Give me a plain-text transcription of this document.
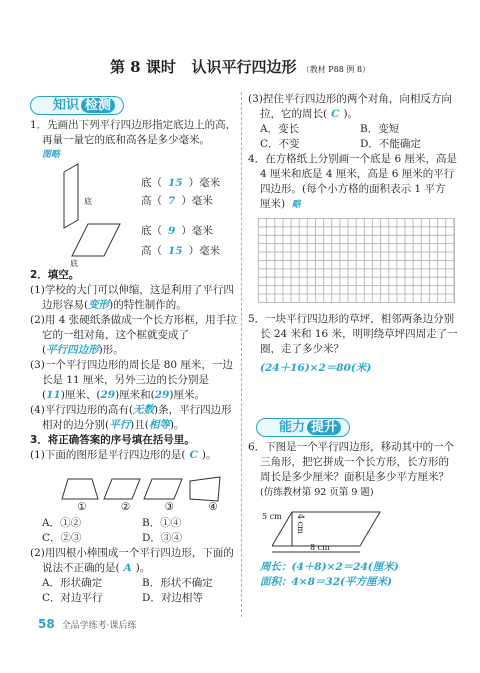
第 8 课时 认识平行四边形 （教材 P88 例 8）
知识 检测
1．先画出下列平行四边形指定底边上的高，
再量一量它的底和高各是多少毫米。
图略
底
底
底（ 15 ）毫米
高（ 7 ）毫米
底（ 9 ）毫米
高（ 15 ）毫米
2．填空。
(1)学校的大门可以伸缩，这是利用了平行四
边形容易(变形)的特性制作的。
(2)用 4 张硬纸条做成一个长方形框，用手拉
它的一组对角，这个框就变成了
(平行四边形)形。
(3)一个平行四边形的周长是 80 厘米，一边
长是 11 厘米，另外三边的长分别是
(11)厘米、(29)厘米和(29)厘米。
(4)平行四边形的高有(无数)条，平行四边形
相对的边分别(平行)且(相等)。
3．将正确答案的序号填在括号里。
(1)下面的图形是平行四边形的是( C )。
①	②	③	④
A．①②	B．①④
C．②③	D．③④
(2)用四根小棒围成一个平行四边形，下面的
说法不正确的是( A )。
A．形状确定	B．形状不确定
C．对边平行	D．对边相等
(3)捏住平行四边形的两个对角，向相反方向
拉，它的周长( C )。
A．变长	B．变短
C．不变	D．不能确定
4．在方格纸上分别画一个底是 6 厘米，高是
4 厘米和底是 4 厘米，高是 6 厘米的平行
四边形。(每个小方格的面积表示 1 平方
厘米) 略
5．一块平行四边形的草坪，相邻两条边分别
长 24 米和 16 米，明明绕草坪四周走了一
圈，走了多少米？
(24＋16)×2＝80(米)
能力 提升
6．下图是一个平行四边形，移动其中的一个
三角形，把它拼成一个长方形，长方形的
周长是多少厘米？面积是多少平方厘米？
(仿练教材第 92 页第 9 题)
5 cm 4 cm
8 cm
周长：(4＋8)×2＝24(厘米)
面积：4×8＝32(平方厘米)
58 全品学练考·课后练
